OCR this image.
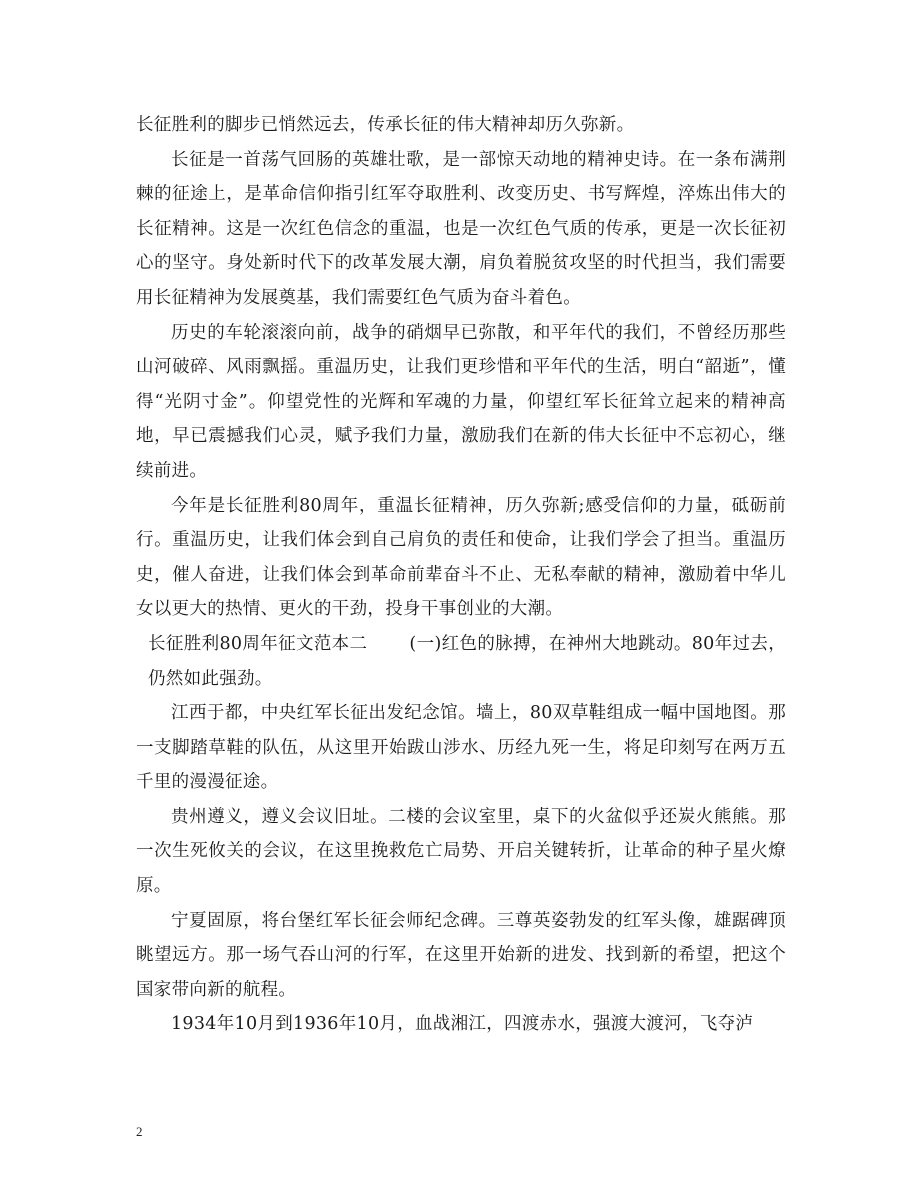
长征胜利的脚步已悄然远去，传承长征的伟大精神却历久弥新。

长征是一首荡气回肠的英雄壮歌，是一部惊天动地的精神史诗。在一条布满荆棘的征途上，是革命信仰指引红军夺取胜利、改变历史、书写辉煌，淬炼出伟大的长征精神。这是一次红色信念的重温，也是一次红色气质的传承，更是一次长征初心的坚守。身处新时代下的改革发展大潮，肩负着脱贫攻坚的时代担当，我们需要用长征精神为发展奠基，我们需要红色气质为奋斗着色。

历史的车轮滚滚向前，战争的硝烟早已弥散，和平年代的我们，不曾经历那些山河破碎、风雨飘摇。重温历史，让我们更珍惜和平年代的生活，明白“韶逝”，懂得“光阴寸金”。仰望党性的光辉和军魂的力量，仰望红军长征耸立起来的精神高地，早已震撼我们心灵，赋予我们力量，激励我们在新的伟大长征中不忘初心，继续前进。

今年是长征胜利80周年，重温长征精神，历久弥新;感受信仰的力量，砥砺前行。重温历史，让我们体会到自己肩负的责任和使命，让我们学会了担当。重温历史，催人奋进，让我们体会到革命前辈奋斗不止、无私奉献的精神，激励着中华儿女以更大的热情、更火的干劲，投身干事创业的大潮。

长征胜利80周年征文范本二 (一)红色的脉搏，在神州大地跳动。80年过去，仍然如此强劲。

江西于都，中央红军长征出发纪念馆。墙上，80双草鞋组成一幅中国地图。那一支脚踏草鞋的队伍，从这里开始跋山涉水、历经九死一生，将足印刻写在两万五千里的漫漫征途。

贵州遵义，遵义会议旧址。二楼的会议室里，桌下的火盆似乎还炭火熊熊。那一次生死攸关的会议，在这里挽救危亡局势、开启关键转折，让革命的种子星火燎原。

宁夏固原，将台堡红军长征会师纪念碑。三尊英姿勃发的红军头像，雄踞碑顶眺望远方。那一场气吞山河的行军，在这里开始新的进发、找到新的希望，把这个国家带向新的航程。

1934年10月到1936年10月，血战湘江，四渡赤水，强渡大渡河，飞夺泸

2
